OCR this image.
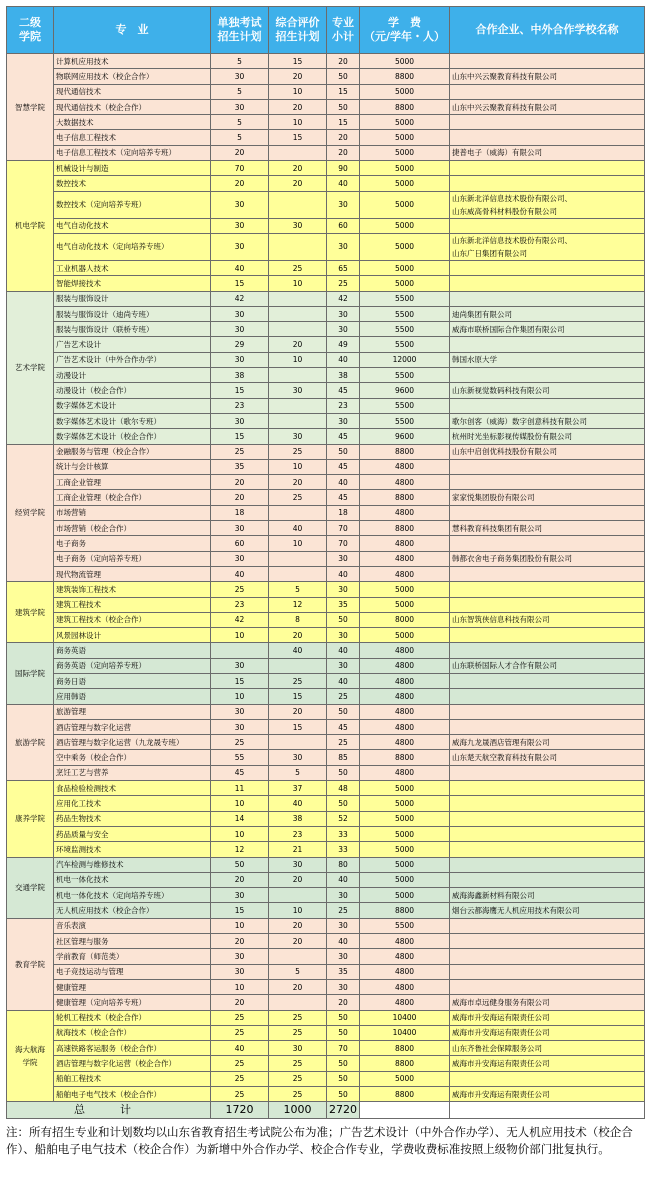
二级
学院	专　业	单独考试
招生计划	综合评价
招生计划	专业
小计	学　费
（元/学年・人）	合作企业、中外合作学校名称
智慧学院	计算机应用技术	5	15	20	5000	
	物联网应用技术（校企合作）	30	20	50	8800	山东中兴云聚教育科技有限公司
	现代通信技术	5	10	15	5000	
	现代通信技术（校企合作）	30	20	50	8800	山东中兴云聚教育科技有限公司
	大数据技术	5	10	15	5000	
	电子信息工程技术	5	15	20	5000	
	电子信息工程技术（定向培养专班）	20		20	5000	捷普电子（威海）有限公司
机电学院	机械设计与制造	70	20	90	5000	
	数控技术	20	20	40	5000	
	数控技术（定向培养专班）	30		30	5000	山东新北洋信息技术股份有限公司、
山东威高骨科材料股份有限公司
	电气自动化技术	30	30	60	5000	
	电气自动化技术（定向培养专班）	30		30	5000	山东新北洋信息技术股份有限公司、
山东广日集团有限公司
	工业机器人技术	40	25	65	5000	
	智能焊接技术	15	10	25	5000	
艺术学院	服装与服饰设计	42		42	5500	
	服装与服饰设计（迪尚专班）	30		30	5500	迪尚集团有限公司
	服装与服饰设计（联桥专班）	30		30	5500	威海市联桥国际合作集团有限公司
	广告艺术设计	29	20	49	5500	
	广告艺术设计（中外合作办学）	30	10	40	12000	韩国水原大学
	动漫设计	38		38	5500	
	动漫设计（校企合作）	15	30	45	9600	山东新视觉数码科技有限公司
	数字媒体艺术设计	23		23	5500	
	数字媒体艺术设计（歌尔专班）	30		30	5500	歌尔创客（威海）数字创意科技有限公司
	数字媒体艺术设计（校企合作）	15	30	45	9600	杭州时光坐标影视传媒股份有限公司
经贸学院	金融服务与管理（校企合作）	25	25	50	8800	山东中启创优科技股份有限公司
	统计与会计核算	35	10	45	4800	
	工商企业管理	20	20	40	4800	
	工商企业管理（校企合作）	20	25	45	8800	家家悦集团股份有限公司
	市场营销	18		18	4800	
	市场营销（校企合作）	30	40	70	8800	慧科教育科技集团有限公司
	电子商务	60	10	70	4800	
	电子商务（定向培养专班）	30		30	4800	韩都衣舍电子商务集团股份有限公司
	现代物流管理	40		40	4800	
建筑学院	建筑装饰工程技术	25	5	30	5000	
	建筑工程技术	23	12	35	5000	
	建筑工程技术（校企合作）	42	8	50	8000	山东智筑侠信息科技有限公司
	风景园林设计	10	20	30	5000	
国际学院	商务英语		40	40	4800	
	商务英语（定向培养专班）	30		30	4800	山东联桥国际人才合作有限公司
	商务日语	15	25	40	4800	
	应用韩语	10	15	25	4800	
旅游学院	旅游管理	30	20	50	4800	
	酒店管理与数字化运营	30	15	45	4800	
	酒店管理与数字化运营（九龙晟专班）	25		25	4800	威海九龙晟酒店管理有限公司
	空中乘务（校企合作）	55	30	85	8800	山东楚天航空教育科技有限公司
	烹饪工艺与营养	45	5	50	4800	
康养学院	食品检验检测技术	11	37	48	5000	
	应用化工技术	10	40	50	5000	
	药品生物技术	14	38	52	5000	
	药品质量与安全	10	23	33	5000	
	环境监测技术	12	21	33	5000	
交通学院	汽车检测与维修技术	50	30	80	5000	
	机电一体化技术	20	20	40	5000	
	机电一体化技术（定向培养专班）	30		30	5000	威海海鑫新材料有限公司
	无人机应用技术（校企合作）	15	10	25	8800	烟台云都海鹰无人机应用技术有限公司
教育学院	音乐表演	10	20	30	5500	
	社区管理与服务	20	20	40	4800	
	学前教育（师范类）	30		30	4800	
	电子竞技运动与管理	30	5	35	4800	
	健康管理	10	20	30	4800	
	健康管理（定向培养专班）	20		20	4800	威海市卓远健身服务有限公司
海大航海
学院	轮机工程技术（校企合作）	25	25	50	10400	威海市升安海运有限责任公司
	航海技术（校企合作）	25	25	50	10400	威海市升安海运有限责任公司
	高速铁路客运服务（校企合作）	40	30	70	8800	山东齐鲁社会保障服务公司
	酒店管理与数字化运营（校企合作）	25	25	50	8800	威海市升安海运有限责任公司
	船舶工程技术	25	25	50	5000	
	船舶电子电气技术（校企合作）	25	25	50	8800	威海市升安海运有限责任公司
总　计		1720	1000	2720		
注：所有招生专业和计划数均以山东省教育招生考试院公布为准；广告艺术设计（中外合作办学）、无人机应用技术（校企合作）、船舶电子电气技术（校企合作）为新增中外合作办学、校企合作专业，学费收费标准按照上级物价部门批复执行。
